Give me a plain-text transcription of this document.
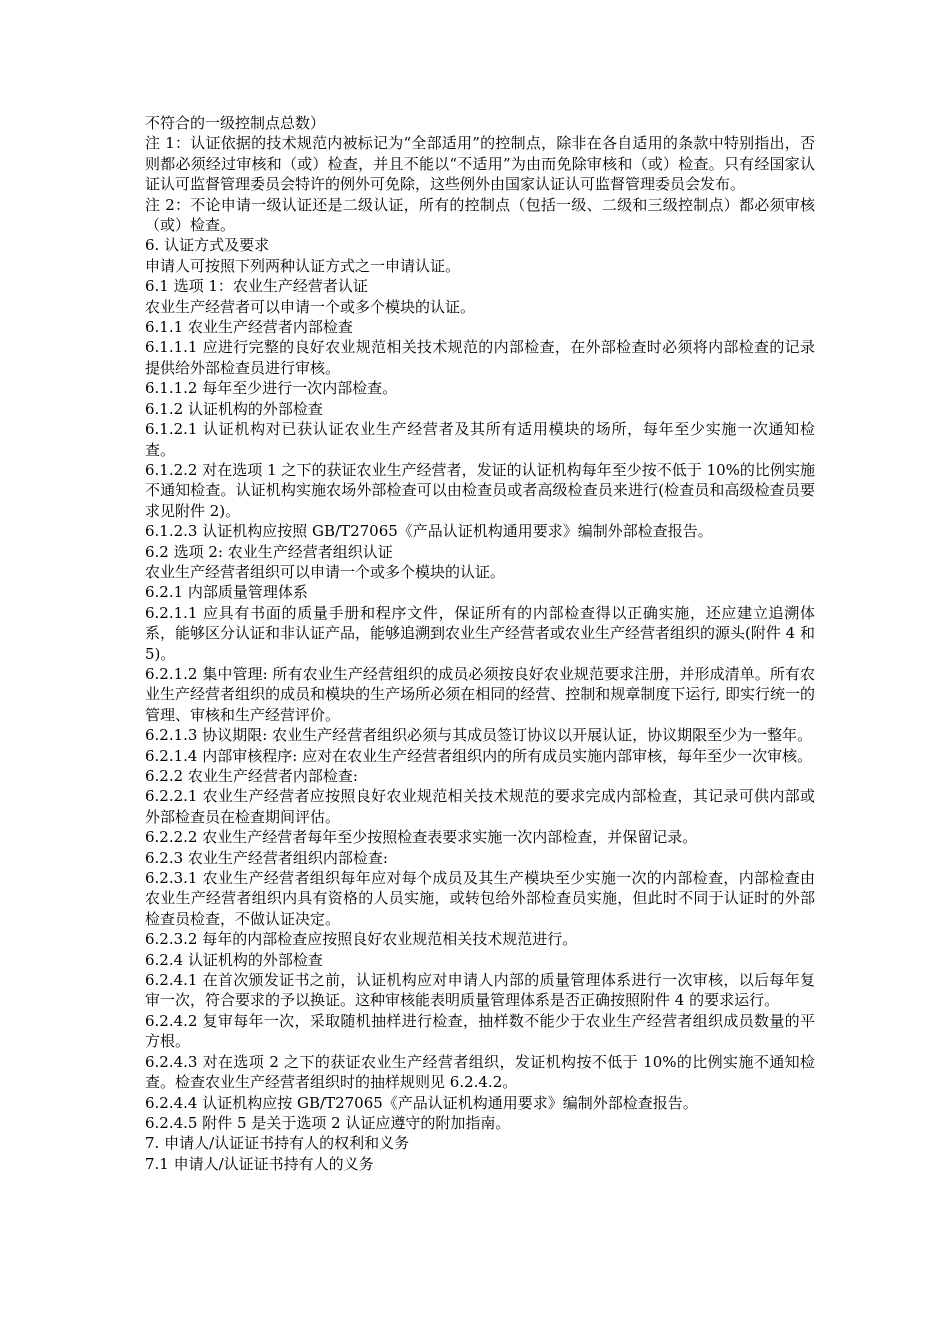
不符合的一级控制点总数）

注 1：认证依据的技术规范内被标记为“全部适用”的控制点，除非在各自适用的条款中特别指出，否则都必须经过审核和（或）检查，并且不能以“不适用”为由而免除审核和（或）检查。只有经国家认证认可监督管理委员会特许的例外可免除，这些例外由国家认证认可监督管理委员会发布。

注 2：不论申请一级认证还是二级认证，所有的控制点（包括一级、二级和三级控制点）都必须审核（或）检查。

6. 认证方式及要求

申请人可按照下列两种认证方式之一申请认证。

6.1 选项 1：农业生产经营者认证

农业生产经营者可以申请一个或多个模块的认证。

6.1.1 农业生产经营者内部检查

6.1.1.1 应进行完整的良好农业规范相关技术规范的内部检查，在外部检查时必须将内部检查的记录提供给外部检查员进行审核。

6.1.1.2 每年至少进行一次内部检查。

6.1.2 认证机构的外部检查

6.1.2.1 认证机构对已获认证农业生产经营者及其所有适用模块的场所，每年至少实施一次通知检查。

6.1.2.2 对在选项 1 之下的获证农业生产经营者，发证的认证机构每年至少按不低于 10%的比例实施不通知检查。认证机构实施农场外部检查可以由检查员或者高级检查员来进行(检查员和高级检查员要求见附件 2)。

6.1.2.3 认证机构应按照 GB/T27065《产品认证机构通用要求》编制外部检查报告。

6.2 选项 2: 农业生产经营者组织认证

农业生产经营者组织可以申请一个或多个模块的认证。

6.2.1 内部质量管理体系

6.2.1.1 应具有书面的质量手册和程序文件，保证所有的内部检查得以正确实施，还应建立追溯体系，能够区分认证和非认证产品，能够追溯到农业生产经营者或农业生产经营者组织的源头(附件 4 和 5)。

6.2.1.2 集中管理: 所有农业生产经营组织的成员必须按良好农业规范要求注册，并形成清单。所有农业生产经营者组织的成员和模块的生产场所必须在相同的经营、控制和规章制度下运行, 即实行统一的管理、审核和生产经营评价。

6.2.1.3 协议期限: 农业生产经营者组织必须与其成员签订协议以开展认证，协议期限至少为一整年。

6.2.1.4 内部审核程序: 应对在农业生产经营者组织内的所有成员实施内部审核，每年至少一次审核。

6.2.2 农业生产经营者内部检查:

6.2.2.1 农业生产经营者应按照良好农业规范相关技术规范的要求完成内部检查，其记录可供内部或外部检查员在检查期间评估。

6.2.2.2 农业生产经营者每年至少按照检查表要求实施一次内部检查，并保留记录。

6.2.3 农业生产经营者组织内部检查:

6.2.3.1 农业生产经营者组织每年应对每个成员及其生产模块至少实施一次的内部检查，内部检查由农业生产经营者组织内具有资格的人员实施，或转包给外部检查员实施，但此时不同于认证时的外部检查员检查，不做认证决定。

6.2.3.2 每年的内部检查应按照良好农业规范相关技术规范进行。

6.2.4 认证机构的外部检查

6.2.4.1 在首次颁发证书之前，认证机构应对申请人内部的质量管理体系进行一次审核，以后每年复审一次，符合要求的予以换证。这种审核能表明质量管理体系是否正确按照附件 4 的要求运行。

6.2.4.2 复审每年一次，采取随机抽样进行检查，抽样数不能少于农业生产经营者组织成员数量的平方根。

6.2.4.3 对在选项 2 之下的获证农业生产经营者组织，发证机构按不低于 10%的比例实施不通知检查。检查农业生产经营者组织时的抽样规则见 6.2.4.2。

6.2.4.4 认证机构应按 GB/T27065《产品认证机构通用要求》编制外部检查报告。

6.2.4.5 附件 5 是关于选项 2 认证应遵守的附加指南。

7. 申请人/认证证书持有人的权利和义务

7.1 申请人/认证证书持有人的义务
